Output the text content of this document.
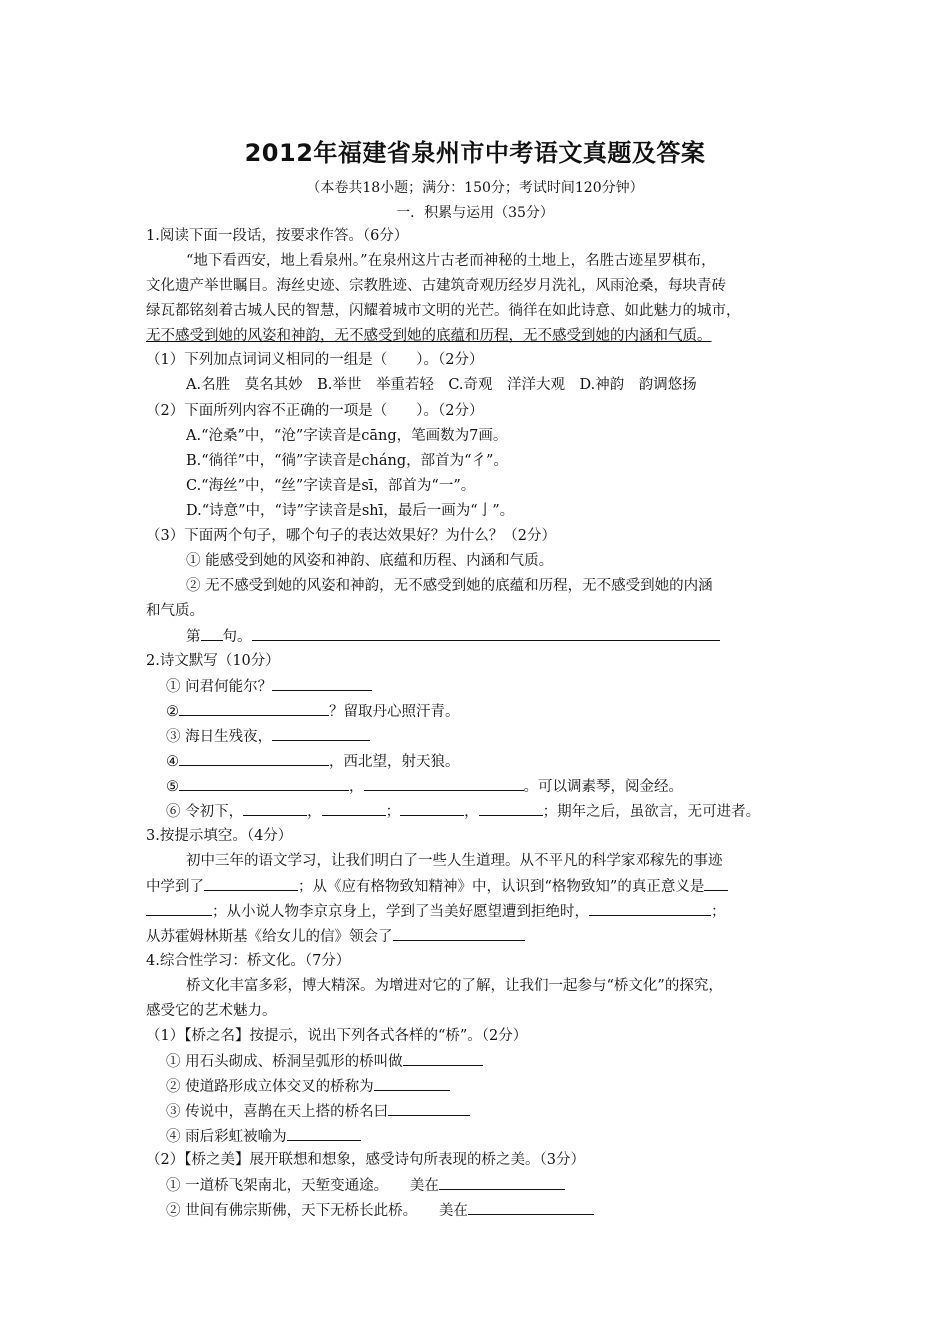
2012年福建省泉州市中考语文真题及答案
（本卷共18小题；满分：150分；考试时间120分钟）
一．积累与运用（35分）
1.阅读下面一段话，按要求作答。（6分）
“地下看西安，地上看泉州。”在泉州这片古老而神秘的土地上，名胜古迹星罗棋布，
文化遗产举世瞩目。海丝史迹、宗教胜迹、古建筑奇观历经岁月洗礼，风雨沧桑，每块青砖
绿瓦都铭刻着古城人民的智慧，闪耀着城市文明的光芒。徜徉在如此诗意、如此魅力的城市，
无不感受到她的风姿和神韵，无不感受到她的底蕴和历程，无不感受到她的内涵和气质。
（1）下列加点词词义相同的一组是（　　）。（2分）
A.名胜　莫名其妙　B.举世　举重若轻　C.奇观　洋洋大观　D.神韵　韵调悠扬
（2）下面所列内容不正确的一项是（　　）。（2分）
A.“沧桑”中，“沧”字读音是cāng，笔画数为7画。
B.“徜徉”中，“徜”字读音是cháng，部首为“彳”。
C.“海丝”中，“丝”字读音是sī，部首为“一”。
D.“诗意”中，“诗”字读音是shī，最后一画为“亅”。
（3）下面两个句子，哪个句子的表达效果好？为什么？（2分）
① 能感受到她的风姿和神韵、底蕴和历程、内涵和气质。
② 无不感受到她的风姿和神韵，无不感受到她的底蕴和历程，无不感受到她的内涵
和气质。
第 句。
2.诗文默写（10分）
① 问君何能尔？
②	？留取丹心照汗青。
③ 海日生残夜，
④	，西北望，射天狼。
⑤	，	。可以调素琴，阅金经。
⑥ 令初下，	，	；	，	；期年之后，虽欲言，无可进者。
3.按提示填空。（4分）
初中三年的语文学习，让我们明白了一些人生道理。从不平凡的科学家邓稼先的事迹
中学到了	；从《应有格物致知精神》中，认识到“格物致知”的真正意义是
；从小说人物李京京身上，学到了当美好愿望遭到拒绝时，	；
从苏霍姆林斯基《给女儿的信》领会了
4.综合性学习：桥文化。（7分）
桥文化丰富多彩，博大精深。为增进对它的了解，让我们一起参与“桥文化”的探究，
感受它的艺术魅力。
（1）【桥之名】按提示，说出下列各式各样的“桥”。（2分）
① 用石头砌成、桥洞呈弧形的桥叫做
② 使道路形成立体交叉的桥称为
③ 传说中，喜鹊在天上搭的桥名曰
④ 雨后彩虹被喻为
（2）【桥之美】展开联想和想象，感受诗句所表现的桥之美。（3分）
① 一道桥飞架南北，天堑变通途。　　美在
② 世间有佛宗斯佛，天下无桥长此桥。　　美在
